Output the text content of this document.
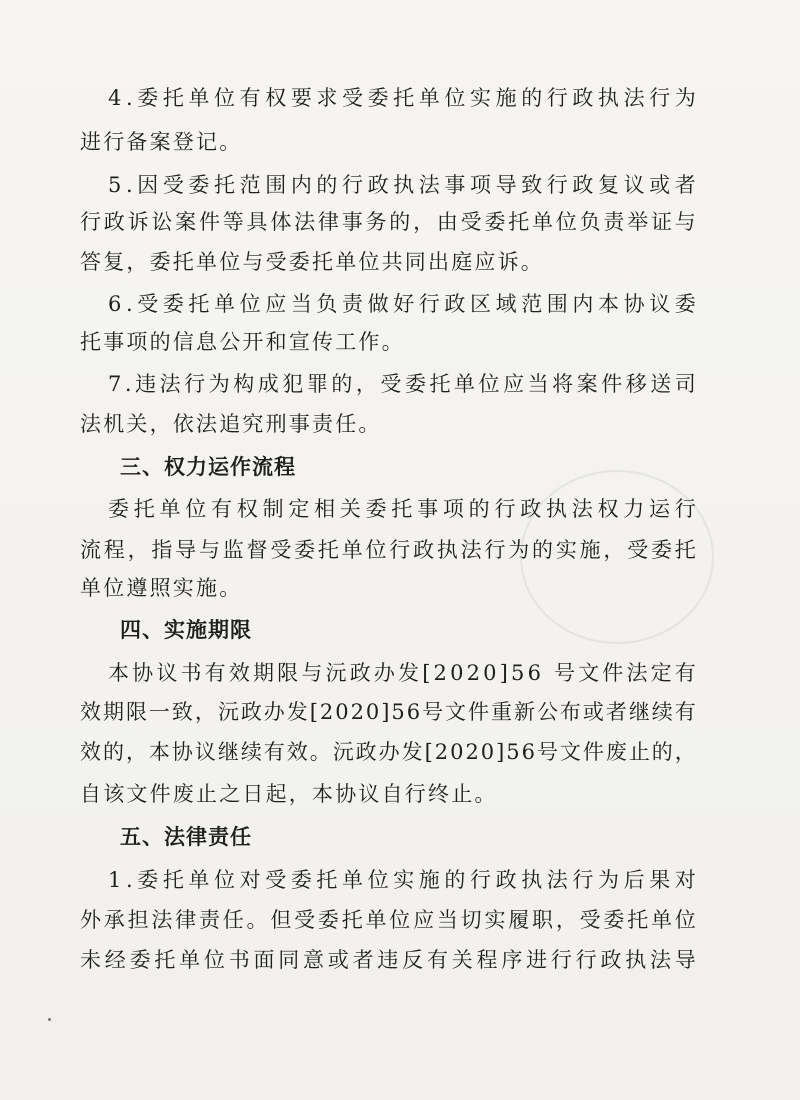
4.委托单位有权要求受委托单位实施的行政执法行为
进行备案登记。
5.因受委托范围内的行政执法事项导致行政复议或者
行政诉讼案件等具体法律事务的，由受委托单位负责举证与
答复，委托单位与受委托单位共同出庭应诉。
6.受委托单位应当负责做好行政区域范围内本协议委
托事项的信息公开和宣传工作。
7.违法行为构成犯罪的，受委托单位应当将案件移送司
法机关，依法追究刑事责任。
委托单位有权制定相关委托事项的行政执法权力运行
流程，指导与监督受委托单位行政执法行为的实施，受委托
单位遵照实施。
本协议书有效期限与沅政办发[2020]56 号文件法定有
效期限一致，沅政办发[2020]56号文件重新公布或者继续有
效的，本协议继续有效。沅政办发[2020]56号文件废止的，
自该文件废止之日起，本协议自行终止。
1.委托单位对受委托单位实施的行政执法行为后果对
外承担法律责任。但受委托单位应当切实履职，受委托单位
未经委托单位书面同意或者违反有关程序进行行政执法导
三、权力运作流程
四、实施期限
五、法律责任
